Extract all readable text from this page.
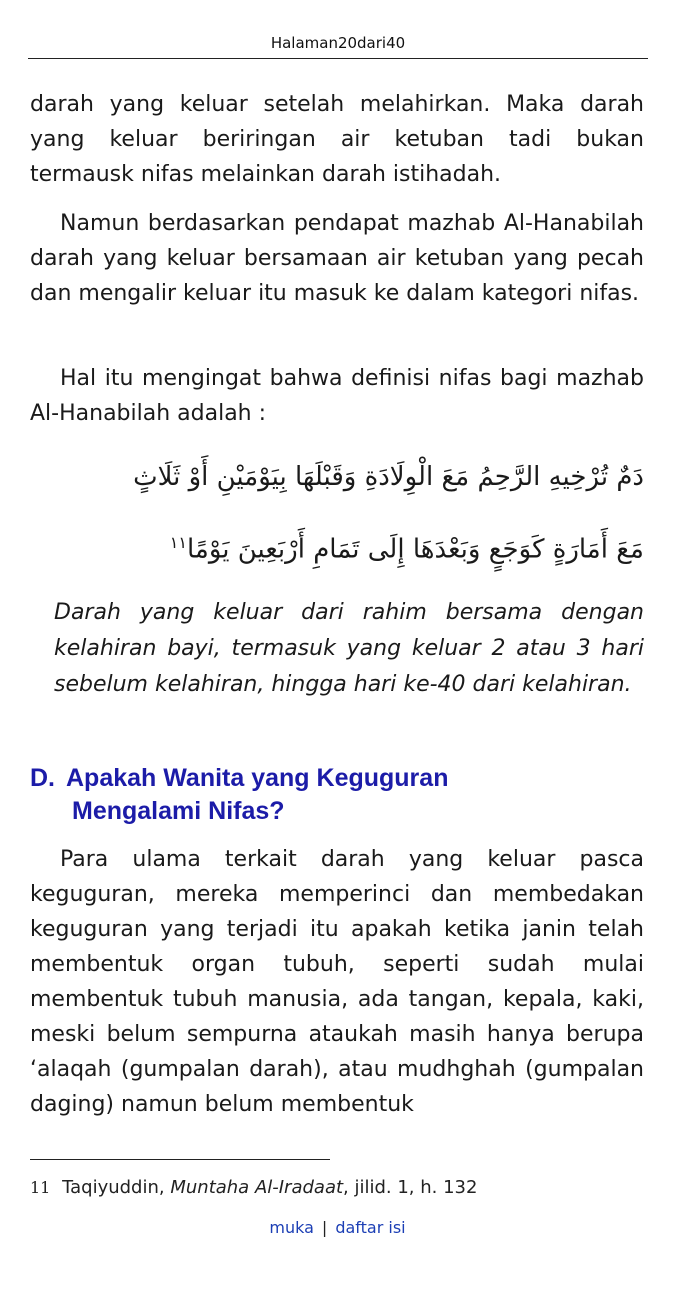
Halaman20dari40

darah yang keluar setelah melahirkan. Maka darah yang keluar beriringan air ketuban tadi bukan termausk nifas melainkan darah istihadah.

Namun berdasarkan pendapat mazhab Al-Hanabilah darah yang keluar bersamaan air ketuban yang pecah dan mengalir keluar itu masuk ke dalam kategori nifas.

Hal itu mengingat bahwa definisi nifas bagi mazhab Al-Hanabilah adalah :

دَمٌ تُرْخِيهِ الرَّحِمُ مَعَ الْوِلَادَةِ وَقَبْلَهَا بِيَوْمَيْنِ أَوْ ثَلَاثٍ
مَعَ أَمَارَةٍ كَوَجَعٍ وَبَعْدَهَا إِلَى تَمَامِ أَرْبَعِينَ يَوْمًا$^{١١}$

Darah yang keluar dari rahim bersama dengan kelahiran bayi, termasuk yang keluar 2 atau 3 hari sebelum kelahiran, hingga hari ke-40 dari kelahiran.

D. Apakah Wanita yang Keguguran
Mengalami Nifas?

Para ulama terkait darah yang keluar pasca keguguran, mereka memperinci dan membedakan keguguran yang terjadi itu apakah ketika janin telah membentuk organ tubuh, seperti sudah mulai membentuk tubuh manusia, ada tangan, kepala, kaki, meski belum sempurna ataukah masih hanya berupa ‘alaqah (gumpalan darah), atau mudhghah (gumpalan daging) namun belum membentuk

11 Taqiyuddin, Muntaha Al-Iradaat, jilid. 1, h. 132
muka | daftar isi
